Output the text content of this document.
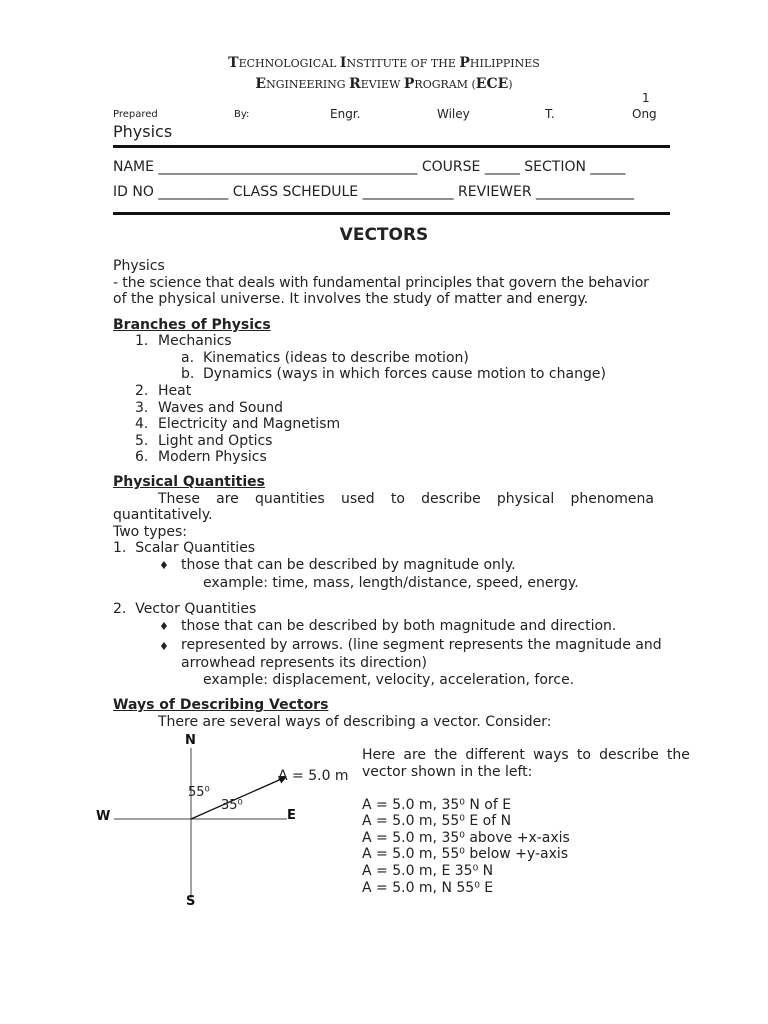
TECHNOLOGICAL INSTITUTE OF THE PHILIPPINES
ENGINEERING REVIEW PROGRAM (ECE)
1
Prepared	By:	Engr.	Wiley	T.	Ong
Physics
NAME _____________________________________ COURSE _____ SECTION _____
ID NO __________ CLASS SCHEDULE _____________ REVIEWER ______________
VECTORS
Physics
- the science that deals with fundamental principles that govern the behavior
of the physical universe. It involves the study of matter and energy.
Branches of Physics
1. Mechanics
a. Kinematics (ideas to describe motion)
b. Dynamics (ways in which forces cause motion to change)
2. Heat
3. Waves and Sound
4. Electricity and Magnetism
5. Light and Optics
6. Modern Physics
Physical Quantities
These are quantities used to describe physical phenomena
quantitatively.
Two types:
1.  Scalar Quantities
♦ those that can be described by magnitude only.
example: time, mass, length/distance, speed, energy.
2.  Vector Quantities
♦ those that can be described by both magnitude and direction.
♦ represented by arrows. (line segment represents the magnitude and
arrowhead represents its direction)
example: displacement, velocity, acceleration, force.
Ways of Describing Vectors
There are several ways of describing a vector. Consider:
N
S
E
W
A = 5.0 m
55⁰
35⁰
Here are the different ways to describe the
vector shown in the left:
A = 5.0 m, 35⁰ N of E
A = 5.0 m, 55⁰ E of N
A = 5.0 m, 35⁰ above +x-axis
A = 5.0 m, 55⁰ below +y-axis
A = 5.0 m, E 35⁰ N
A = 5.0 m, N 55⁰ E
